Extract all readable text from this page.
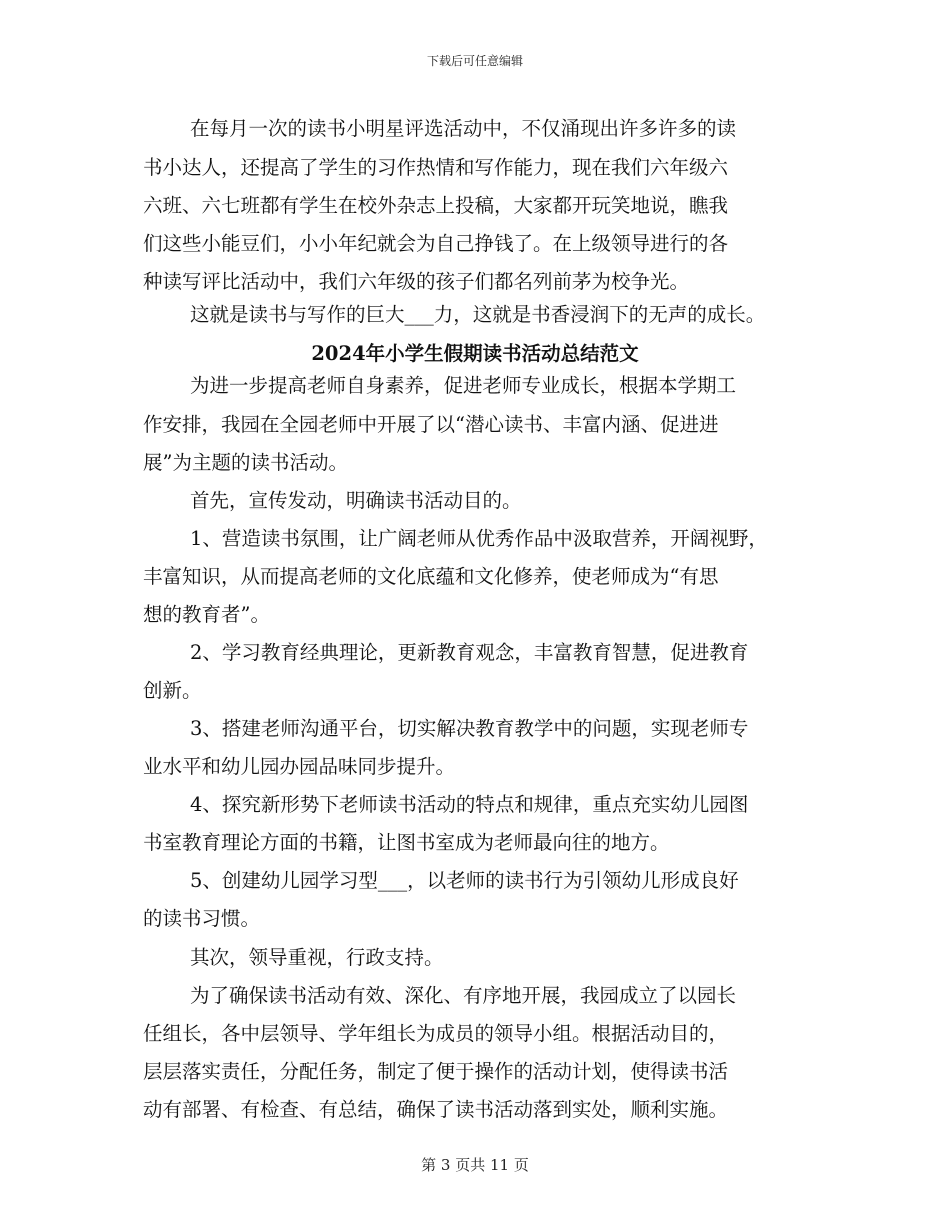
下载后可任意编辑
在每月一次的读书小明星评选活动中，不仅涌现出许多许多的读
书小达人，还提高了学生的习作热情和写作能力，现在我们六年级六
六班、六七班都有学生在校外杂志上投稿，大家都开玩笑地说，瞧我
们这些小能豆们，小小年纪就会为自己挣钱了。在上级领导进行的各
种读写评比活动中，我们六年级的孩子们都名列前茅为校争光。
这就是读书与写作的巨大___力，这就是书香浸润下的无声的成长。
2024年小学生假期读书活动总结范文
为进一步提高老师自身素养，促进老师专业成长，根据本学期工
作安排，我园在全园老师中开展了以“潜心读书、丰富内涵、促进进
展”为主题的读书活动。
首先，宣传发动，明确读书活动目的。
1、营造读书氛围，让广阔老师从优秀作品中汲取营养，开阔视野，
丰富知识，从而提高老师的文化底蕴和文化修养，使老师成为“有思
想的教育者”。
2、学习教育经典理论，更新教育观念，丰富教育智慧，促进教育
创新。
3、搭建老师沟通平台，切实解决教育教学中的问题，实现老师专
业水平和幼儿园办园品味同步提升。
4、探究新形势下老师读书活动的特点和规律，重点充实幼儿园图
书室教育理论方面的书籍，让图书室成为老师最向往的地方。
5、创建幼儿园学习型___，以老师的读书行为引领幼儿形成良好
的读书习惯。
其次，领导重视，行政支持。
为了确保读书活动有效、深化、有序地开展，我园成立了以园长
任组长，各中层领导、学年组长为成员的领导小组。根据活动目的，
层层落实责任，分配任务，制定了便于操作的活动计划，使得读书活
动有部署、有检查、有总结，确保了读书活动落到实处，顺利实施。
第 3 页共 11 页
